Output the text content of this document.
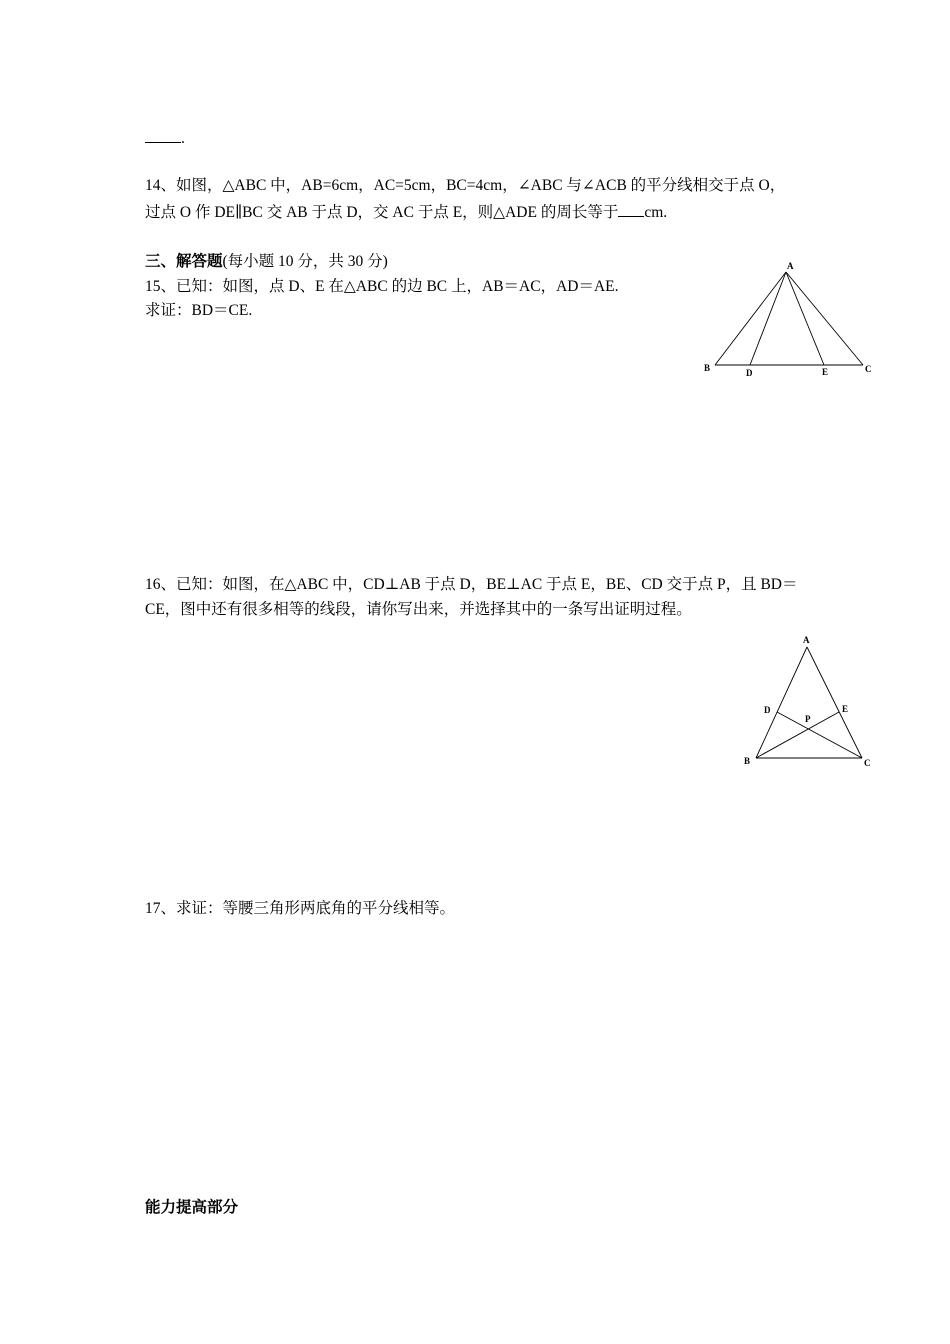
.
14、如图，△ABC 中，AB=6cm，AC=5cm，BC=4cm，∠ABC 与∠ACB 的平分线相交于点 O，
过点 O 作 DE∥BC 交 AB 于点 D，交 AC 于点 E，则△ADE 的周长等于 cm.
三、解答题(每小题 10 分，共 30 分)
15、已知：如图，点 D、E 在△ABC 的边 BC 上，AB＝AC，AD＝AE.
求证：BD＝CE.
A
B	D	E	C
16、已知：如图，在△ABC 中，CD⊥AB 于点 D，BE⊥AC 于点 E，BE、CD 交于点 P，且 BD＝
CE，图中还有很多相等的线段，请你写出来，并选择其中的一条写出证明过程。
A
D	E
P
B	C
17、求证：等腰三角形两底角的平分线相等。
能力提高部分
